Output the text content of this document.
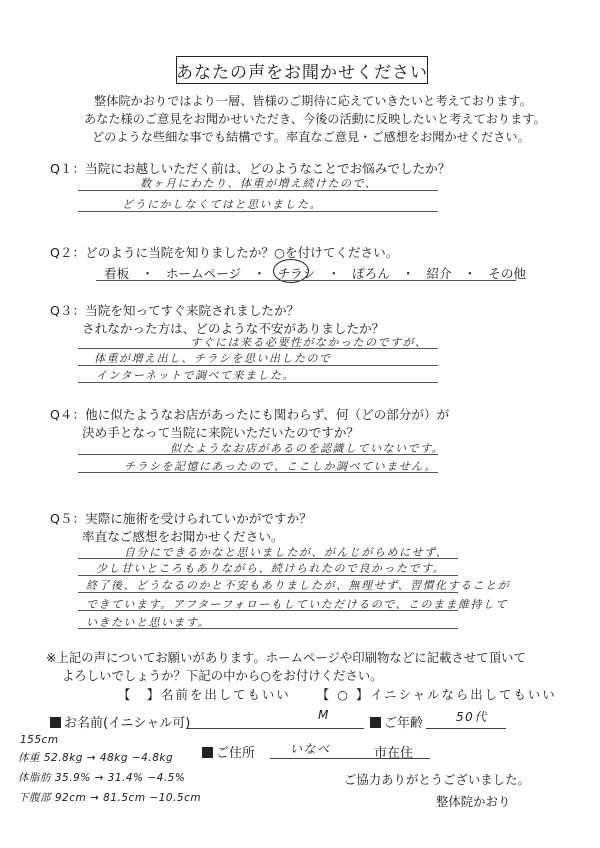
あなたの声をお聞かせください
整体院かおりではより一層、皆様のご期待に応えていきたいと考えております。
あなた様のご意見をお聞かせいただき、今後の活動に反映したいと考えております。
どのような些細な事でも結構です。率直なご意見・ご感想をお聞かせください。
Q１：当院にお越しいただく前は、どのようなことでお悩みでしたか？
数ヶ月にわたり、体重が増え続けたので、
どうにかしなくてはと思いました。
Q２：どのように当院を知りましたか？○を付けてください。
看板 ・ ホームページ ・ チラシ ・ ぽろん ・ 紹介 ・ その他
Q３：当院を知ってすぐ来院されましたか？
されなかった方は、どのような不安がありましたか？
すぐには来る必要性がなかったのですが、
体重が増え出し、チラシを思い出したので
インターネットで調べて来ました。
Q４：他に似たようなお店があったにも関わらず、何（どの部分が）が
決め手となって当院に来院いただいたのですか？
似たようなお店があるのを認識していないです。
チラシを記憶にあったので、ここしか調べていません。
Q５：実際に施術を受けられていかがですか？
率直なご感想をお聞かせください。
自分にできるかなと思いましたが、がんじがらめにせず、
少し甘いところもありながら、続けられたので良かったです。
終了後、どうなるのかと不安もありましたが、無理せず、習慣化することが
できています。アフターフォローもしていただけるので、このまま維持して
いきたいと思います。
※上記の声についてお願いがあります。ホームページや印刷物などに記載させて頂いて
よろしいでしょうか？下記の中から○をお付けください。
【　】名前を出してもいい 【 ○ 】イニシャルなら出してもいい
お名前(イニシャル可)
M
ご年齢	50代
155cm
体重 52.8kg → 48kg −4.8kg
体脂肪 35.9% → 31.4% −4.5%
下腹部 92cm → 81.5cm −10.5cm
ご住所	いなべ	市在住
ご協力ありがとうございました。
整体院かおり
